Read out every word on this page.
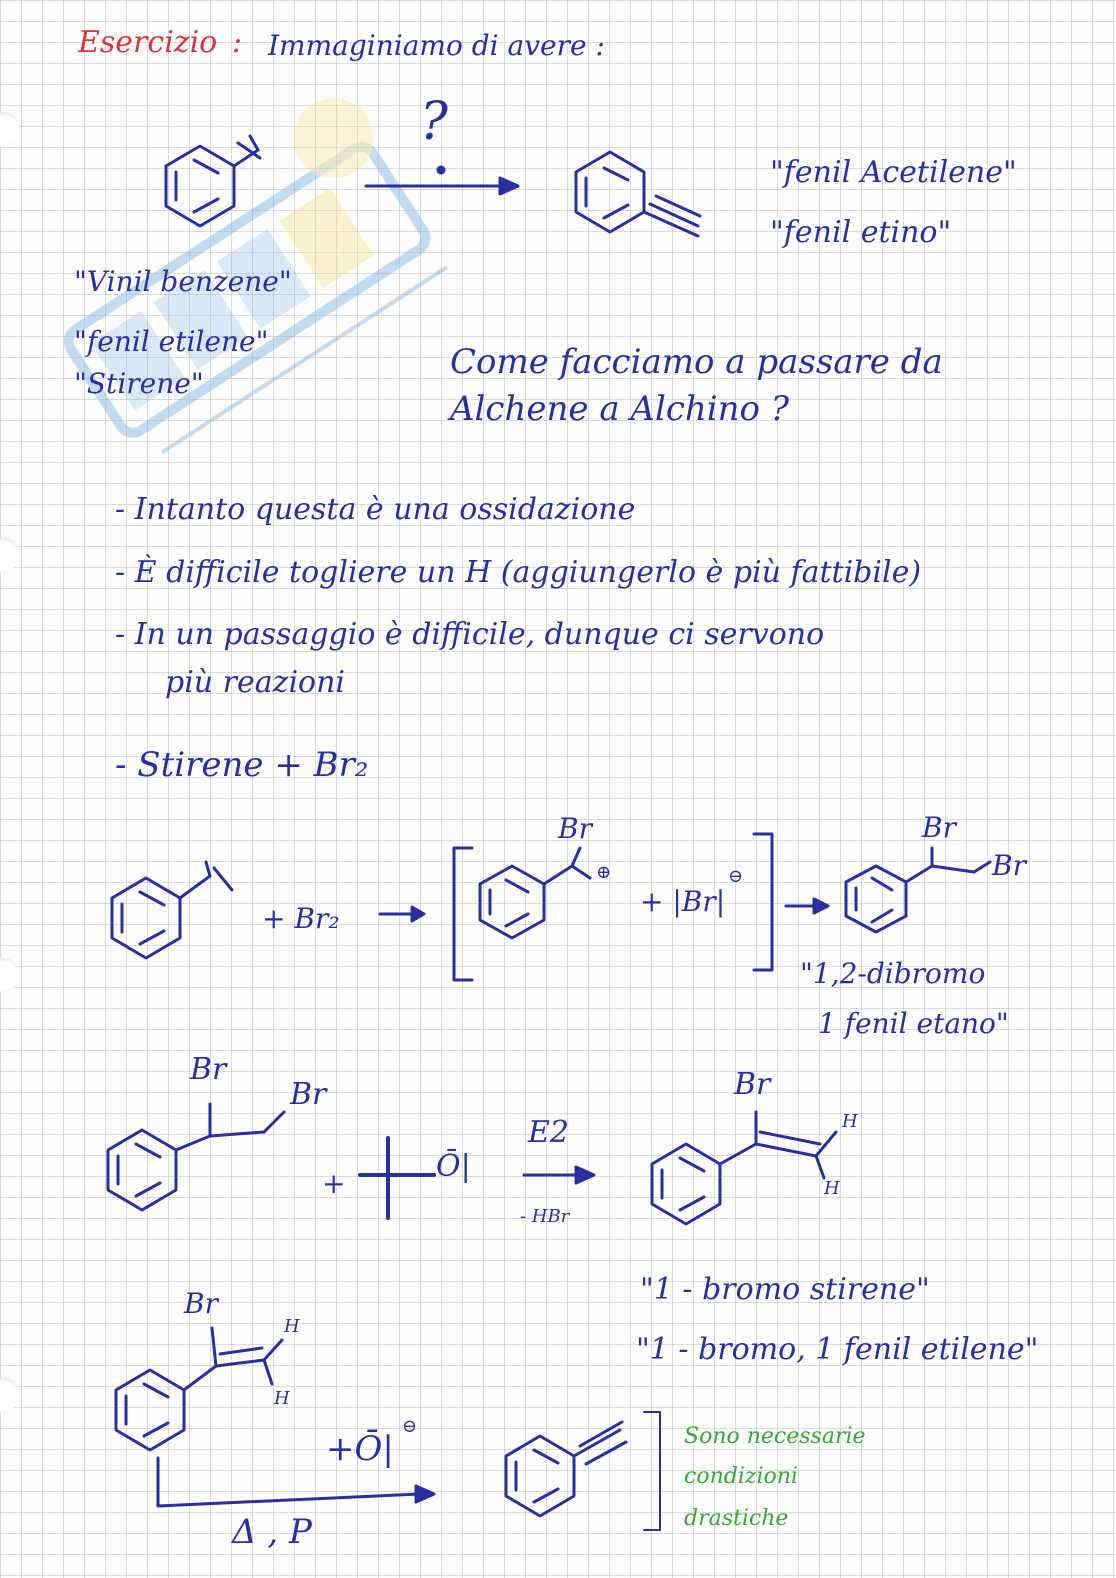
Esercizio : Immaginiamo di avere :
?
"Vinil benzene"
"fenil etilene"
"Stirene"
"fenil Acetilene"
"fenil etino"
Come facciamo a passare da
Alchene a Alchino ?
- Intanto questa è una ossidazione
- È difficile togliere un H (aggiungerlo è più fattibile)
- In un passaggio è difficile, dunque ci servono
più reazioni
- Stirene + Br₂
+ Br₂
Br
⊕
+ |Br|
⊖
Br
Br
"1,2-dibromo
1 fenil etano"
Br
Br
+	Ō|
E2
- HBr
Br
H
H
"1 - bromo stirene"
"1 - bromo, 1 fenil etilene"
Br
H
H
+Ō|
⊖
Δ , P
Sono necessarie
condizioni
drastiche
